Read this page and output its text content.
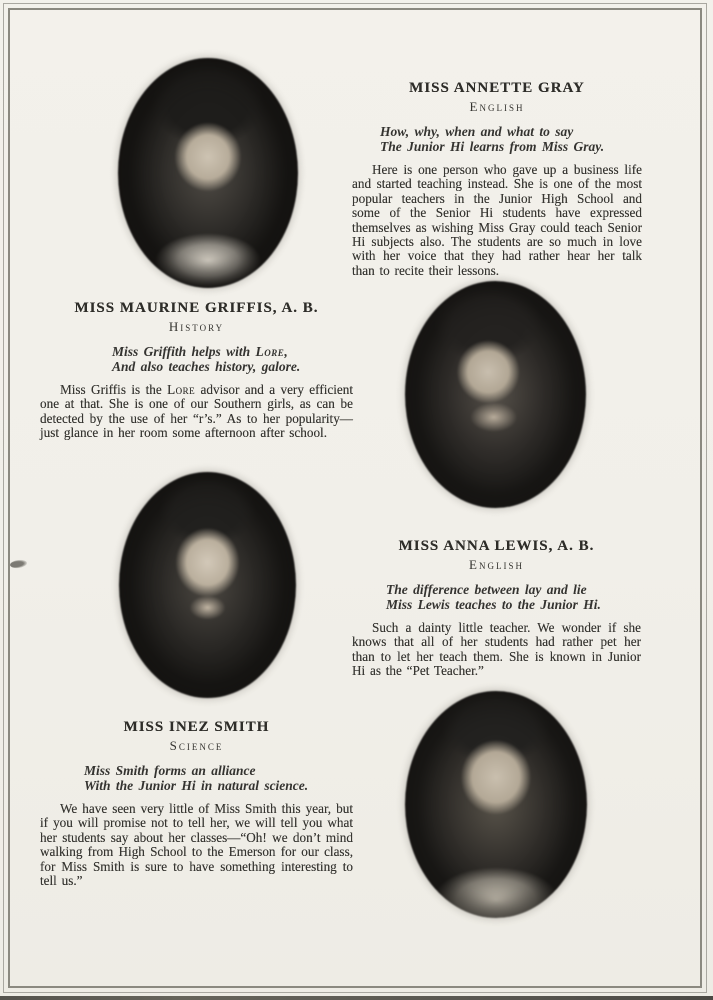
MISS ANNETTE GRAY
English
How, why, when and what to say
The Junior Hi learns from Miss Gray.

Here is one person who gave up a business life and started teaching instead. She is one of the most popular teachers in the Junior High School and some of the Senior Hi students have expressed themselves as wishing Miss Gray could teach Senior Hi subjects also. The students are so much in love with her voice that they had rather hear her talk than to recite their lessons.

MISS MAURINE GRIFFIS, A. B.
History
Miss Griffith helps with Lore,
And also teaches history, galore.

Miss Griffis is the Lore advisor and a very efficient one at that. She is one of our Southern girls, as can be detected by the use of her “r’s.” As to her popularity—just glance in her room some afternoon after school.

MISS ANNA LEWIS, A. B.
English
The difference between lay and lie
Miss Lewis teaches to the Junior Hi.

Such a dainty little teacher. We wonder if she knows that all of her students had rather pet her than to let her teach them. She is known in Junior Hi as the “Pet Teacher.”

MISS INEZ SMITH
Science
Miss Smith forms an alliance
With the Junior Hi in natural science.

We have seen very little of Miss Smith this year, but if you will promise not to tell her, we will tell you what her students say about her classes—“Oh! we don’t mind walking from High School to the Emerson for our class, for Miss Smith is sure to have something interesting to tell us.”
